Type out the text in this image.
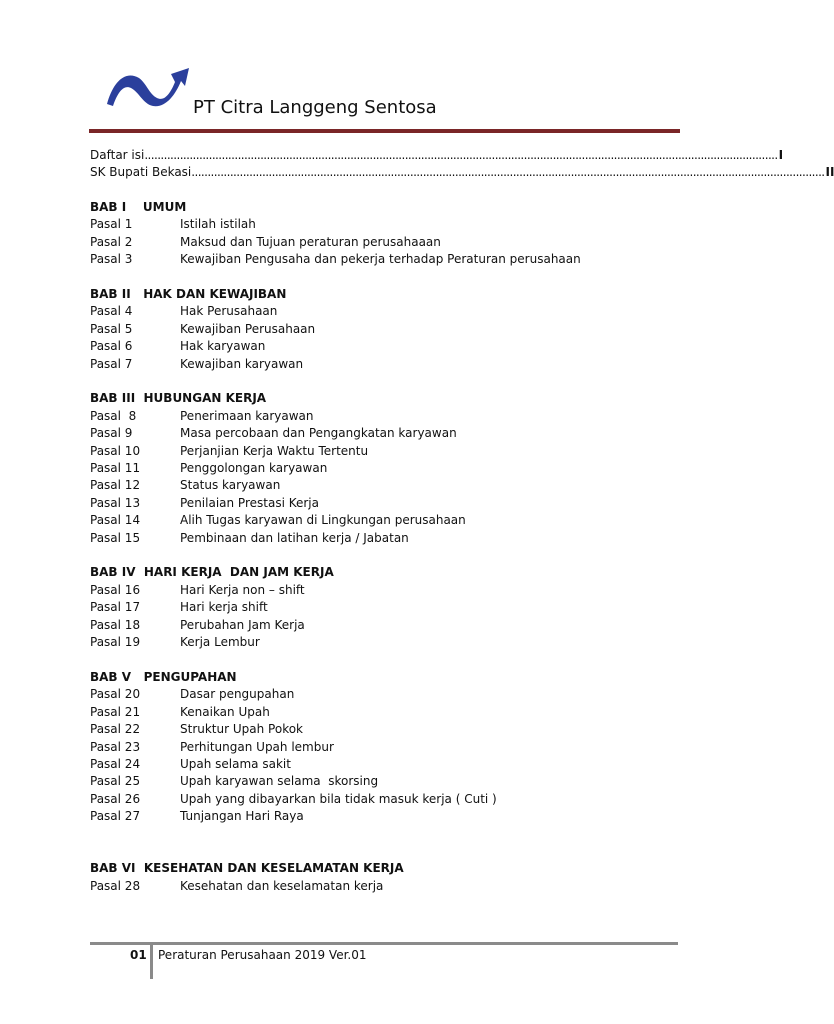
PT Citra Langgeng Sentosa
Daftar isi ..................................................................................................................................................................................................... I
SK Bupati Bekasi ..................................................................................................................................................................................................... II
BAB I    UMUM
Pasal 1	Istilah istilah
Pasal 2	Maksud dan Tujuan peraturan perusahaaan
Pasal 3	Kewajiban Pengusaha dan pekerja terhadap Peraturan perusahaan
BAB II   HAK DAN KEWAJIBAN
Pasal 4	Hak Perusahaan
Pasal 5	Kewajiban Perusahaan
Pasal 6	Hak karyawan
Pasal 7	Kewajiban karyawan
BAB III  HUBUNGAN KERJA
Pasal  8	Penerimaan karyawan
Pasal 9	Masa percobaan dan Pengangkatan karyawan
Pasal 10	Perjanjian Kerja Waktu Tertentu
Pasal 11	Penggolongan karyawan
Pasal 12	Status karyawan
Pasal 13	Penilaian Prestasi Kerja
Pasal 14	Alih Tugas karyawan di Lingkungan perusahaan
Pasal 15	Pembinaan dan latihan kerja / Jabatan
BAB IV  HARI KERJA  DAN JAM KERJA
Pasal 16	Hari Kerja non – shift
Pasal 17	Hari kerja shift
Pasal 18	Perubahan Jam Kerja
Pasal 19	Kerja Lembur
BAB V   PENGUPAHAN
Pasal 20	Dasar pengupahan
Pasal 21	Kenaikan Upah
Pasal 22	Struktur Upah Pokok
Pasal 23	Perhitungan Upah lembur
Pasal 24	Upah selama sakit
Pasal 25	Upah karyawan selama  skorsing
Pasal 26	Upah yang dibayarkan bila tidak masuk kerja ( Cuti )
Pasal 27	Tunjangan Hari Raya
BAB VI  KESEHATAN DAN KESELAMATAN KERJA
Pasal 28	Kesehatan dan keselamatan kerja
01 Peraturan Perusahaan 2019 Ver.01
